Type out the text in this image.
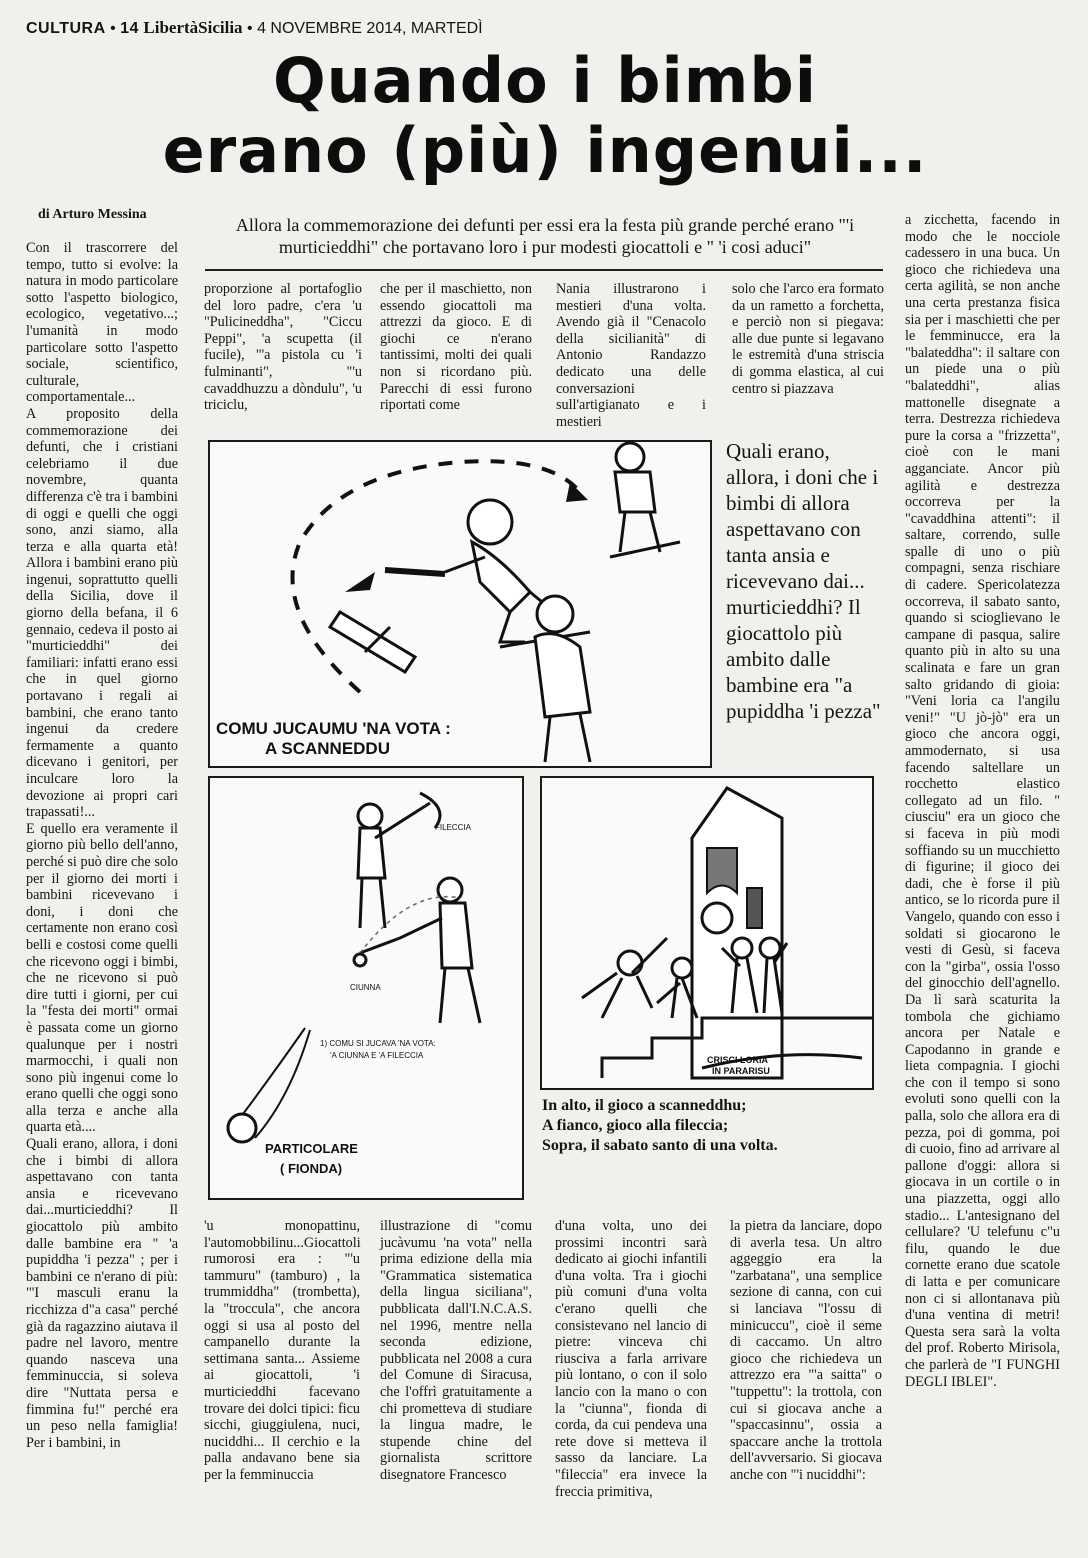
CULTURA • 14 LibertàSicilia • 4 NOVEMBRE 2014, MARTEDÌ
Quando i bimbi
erano (più) ingenui...
di Arturo Messina
Allora la commemorazione dei defunti per essi era la festa più grande perché erano "'i murticieddhi" che portavano loro i pur modesti giocattoli e " 'i cosi aduci"

Con il trascorrere del tempo, tutto si evolve: la natura in modo particolare sotto l'aspetto biologico, ecologico, vegetativo...; l'umanità in modo particolare sotto l'aspetto sociale, scientifico, culturale, comportamentale...

A proposito della commemorazione dei defunti, che i cristiani celebriamo il due novembre, quanta differenza c'è tra i bambini di oggi e quelli che oggi sono, anzi siamo, alla terza e alla quarta età! Allora i bambini erano più ingenui, soprattutto quelli della Sicilia, dove il giorno della befana, il 6 gennaio, cedeva il posto ai "murticieddhi" dei familiari: infatti erano essi che in quel giorno portavano i regali ai bambini, che erano tanto ingenui da credere fermamente a quanto dicevano i genitori, per inculcare loro la devozione ai propri cari trapassati!...

E quello era veramente il giorno più bello dell'anno, perché si può dire che solo per il giorno dei morti i bambini ricevevano i doni, i doni che certamente non erano così belli e costosi come quelli che ricevono oggi i bimbi, che ne ricevono si può dire tutti i giorni, per cui la "festa dei morti" ormai è passata come un giorno qualunque per i nostri marmocchi, i quali non sono più ingenui come lo erano quelli che oggi sono alla terza e anche alla quarta età....

Quali erano, allora, i doni che i bimbi di allora aspettavano con tanta ansia e ricevevano dai...murticieddhi? Il giocattolo più ambito dalle bambine era " 'a pupiddha 'i pezza" ; per i bambini ce n'erano di più: "'I masculi eranu la ricchizza d"a casa" perché già da ragazzino aiutava il padre nel lavoro, mentre quando nasceva una femminuccia, si soleva dire "Nuttata persa e fimmina fu!" perché era un peso nella famiglia! Per i bambini, in

proporzione al portafoglio del loro padre, c'era 'u "Pulicineddha", "Ciccu Peppi", 'a scupetta (il fucile), "'a pistola cu 'i fulminanti", "'u cavaddhuzzu a dòndulu", 'u triciclu,
che per il maschietto, non essendo giocattoli ma attrezzi da gioco. E di giochi ce n'erano tantissimi, molti dei quali non si ricordano più. Parecchi di essi furono riportati come
Nania illustrarono i mestieri d'una volta. Avendo già il "Cenacolo della sicilianità" di Antonio Randazzo dedicato una delle conversazioni sull'artigianato e i mestieri
solo che l'arco era formato da un rametto a forchetta, e perciò non si piegava: alle due punte si legavano le estremità d'una striscia di gomma elastica, al cui centro si piazzava
a zicchetta, facendo in modo che le nocciole cadessero in una buca. Un gioco che richiedeva una certa agilità, se non anche una certa prestanza fisica sia per i maschietti che per le femminucce, era la "balateddha": il saltare con un piede una o più "balateddhi", alias mattonelle disegnate a terra. Destrezza richiedeva pure la corsa a "frizzetta", cioè con le mani agganciate. Ancor più agilità e destrezza occorreva per la "cavaddhina attenti": il saltare, correndo, sulle spalle di uno o più compagni, senza rischiare di cadere. Spericolatezza occorreva, il sabato santo, quando si scioglievano le campane di pasqua, salire quanto più in alto su una scalinata e fare un gran salto gridando di gioia: "Veni loria ca l'angilu veni!" "U jò-jò" era un gioco che ancora oggi, ammodernato, si usa facendo saltellare un rocchetto elastico collegato ad un filo. " ciusciu" era un gioco che si faceva in più modi soffiando su un mucchietto di figurine; il gioco dei dadi, che è forse il più antico, se lo ricorda pure il Vangelo, quando con esso i soldati si giocarono le vesti di Gesù, si faceva con la "girba", ossia l'osso del ginocchio dell'agnello. Da lì sarà scaturita la tombola che gichiamo ancora per Natale e Capodanno in grande e lieta compagnia. I giochi che con il tempo si sono evoluti sono quelli con la palla, solo che allora era di pezza, poi di gomma, poi di cuoio, fino ad arrivare al pallone d'oggi: allora si giocava in un cortile o in una piazzetta, oggi allo stadio... L'antesignano del cellulare? 'U telefunu c"u filu, quando le due cornette erano due scatole di latta e per comunicare non ci si allontanava più d'una ventina di metri! Questa sera sarà la volta del prof. Roberto Mirisola, che parlerà de "I FUNGHI DEGLI IBLEI".
COMU JUCAUMU 'NA VOTA :
A SCANNEDDU
Quali erano, allora, i doni che i bimbi di allora aspettavano con tanta ansia e ricevevano dai... murticieddhi? Il giocattolo più ambito dalle bambine era "a pupiddha 'i pezza"
FILECCIA
CIUNNA
1) COMU SI JUCAVA 'NA VOTA:
'A CIUNNA E 'A FILECCIA
PARTICOLARE
( FIONDA)
CRISCI LORIA
IN PARARISU
In alto, il gioco a scanneddhu;
A fianco, gioco alla fileccia;
Sopra, il sabato santo di una volta.
'u monopattinu, l'automobbilinu...Giocattoli rumorosi era : "'u tammuru" (tamburo) , la trummiddha" (trombetta), la "troccula", che ancora oggi si usa al posto del campanello durante la settimana santa... Assieme ai giocattoli, 'i murticieddhi facevano trovare dei dolci tipici: ficu sicchi, giuggiulena, nuci, nuciddhi... Il cerchio e la palla andavano bene sia per la femminuccia
illustrazione di "comu jucàvumu 'na vota" nella prima edizione della mia "Grammatica sistematica della lingua siciliana", pubblicata dall'I.N.C.A.S. nel 1996, mentre nella seconda edizione, pubblicata nel 2008 a cura del Comune di Siracusa, che l'offrì gratuitamente a chi prometteva di studiare la lingua madre, le stupende chine del giornalista scrittore disegnatore Francesco
d'una volta, uno dei prossimi incontri sarà dedicato ai giochi infantili d'una volta. Tra i giochi più comuni d'una volta c'erano quelli che consistevano nel lancio di pietre: vinceva chi riusciva a farla arrivare più lontano, o con il solo lancio con la mano o con la "ciunna", fionda di corda, da cui pendeva una rete dove si metteva il sasso da lanciare. La "fileccia" era invece la freccia primitiva,
la pietra da lanciare, dopo di averla tesa. Un altro aggeggio era la "zarbatana", una semplice sezione di canna, con cui si lanciava "l'ossu di minicuccu", cioè il seme di caccamo. Un altro gioco che richiedeva un attrezzo era "'a saitta" o "tuppettu": la trottola, con cui si giocava anche a "spaccasinnu", ossia a spaccare anche la trottola dell'avversario. Si giocava anche con "'i nuciddhi":
